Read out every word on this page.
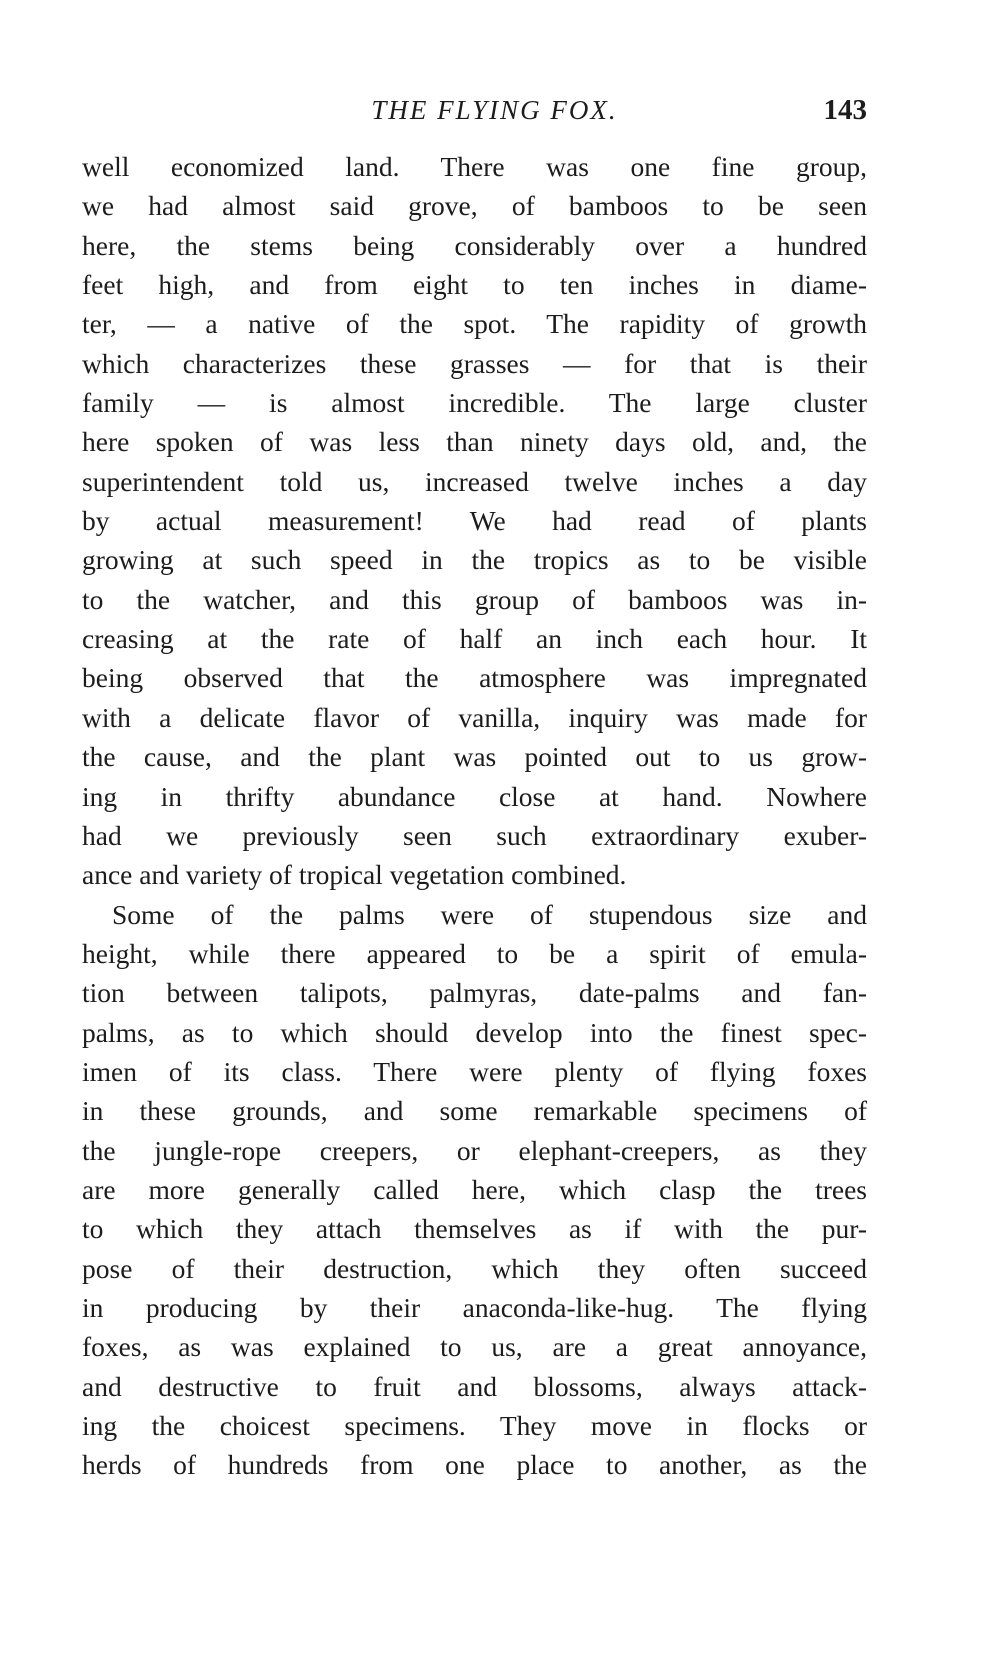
THE FLYING FOX.	143
well economized land. There was one fine group,
we had almost said grove, of bamboos to be seen
here, the stems being considerably over a hundred
feet high, and from eight to ten inches in diame-
ter, — a native of the spot. The rapidity of growth
which characterizes these grasses — for that is their
family — is almost incredible. The large cluster
here spoken of was less than ninety days old, and, the
superintendent told us, increased twelve inches a day
by actual measurement! We had read of plants
growing at such speed in the tropics as to be visible
to the watcher, and this group of bamboos was in-
creasing at the rate of half an inch each hour. It
being observed that the atmosphere was impregnated
with a delicate flavor of vanilla, inquiry was made for
the cause, and the plant was pointed out to us grow-
ing in thrifty abundance close at hand. Nowhere
had we previously seen such extraordinary exuber-
ance and variety of tropical vegetation combined.
Some of the palms were of stupendous size and
height, while there appeared to be a spirit of emula-
tion between talipots, palmyras, date-palms and fan-
palms, as to which should develop into the finest spec-
imen of its class. There were plenty of flying foxes
in these grounds, and some remarkable specimens of
the jungle-rope creepers, or elephant-creepers, as they
are more generally called here, which clasp the trees
to which they attach themselves as if with the pur-
pose of their destruction, which they often succeed
in producing by their anaconda-like-hug. The flying
foxes, as was explained to us, are a great annoyance,
and destructive to fruit and blossoms, always attack-
ing the choicest specimens. They move in flocks or
herds of hundreds from one place to another, as the
